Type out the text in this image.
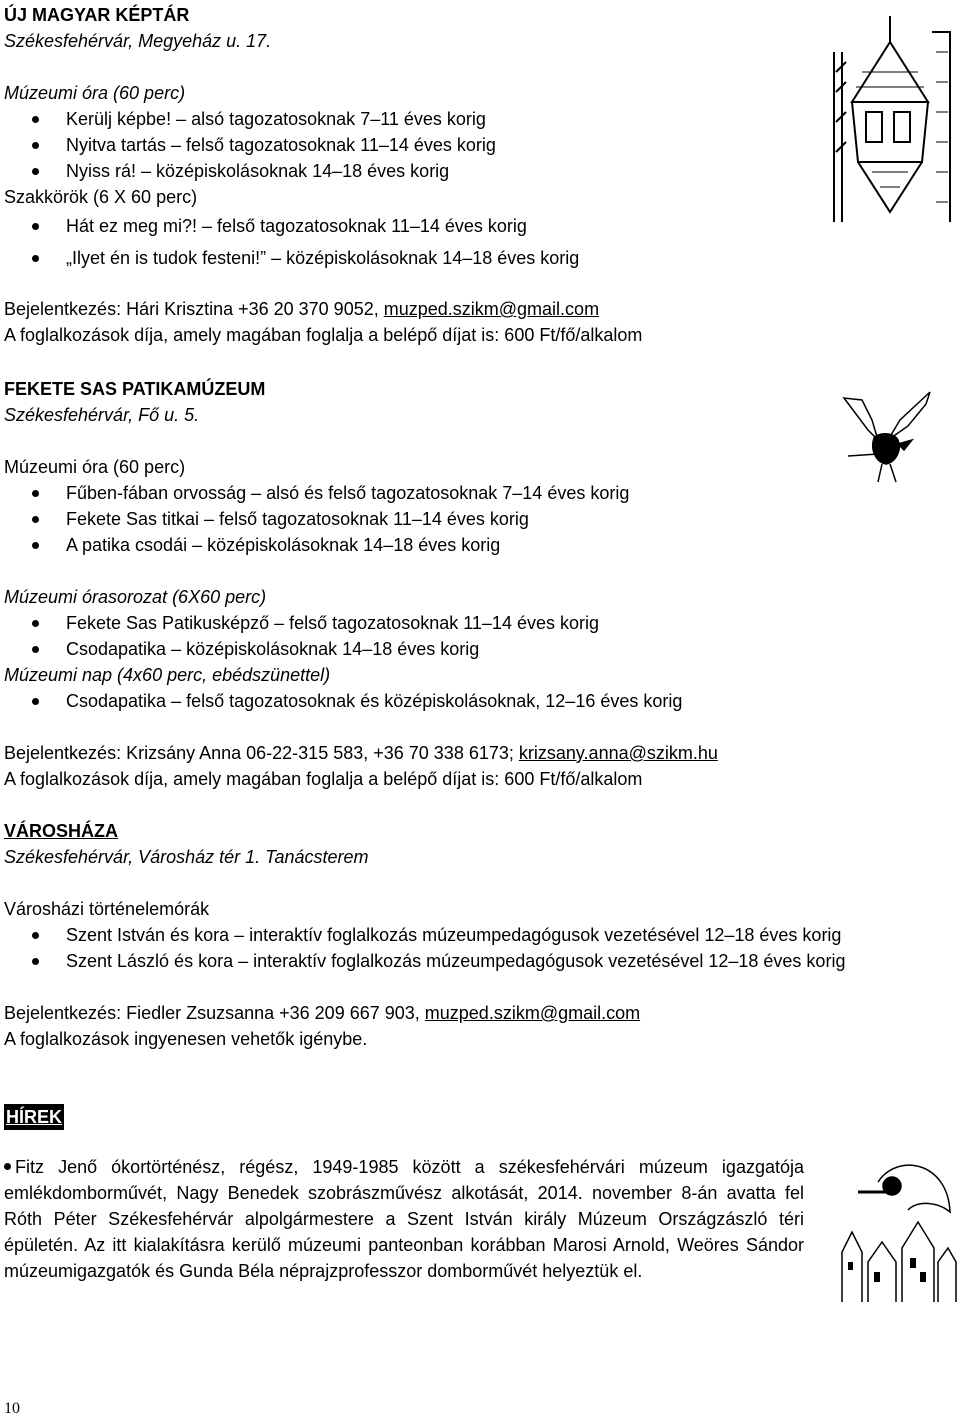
ÚJ MAGYAR KÉPTÁR
Székesfehérvár, Megyeház u. 17.
Múzeumi óra (60 perc)
Kerülj képbe! – alsó tagozatosoknak 7–11 éves korig
Nyitva tartás – felső tagozatosoknak 11–14 éves korig
Nyiss rá! – középiskolásoknak 14–18 éves korig
Szakkörök (6 X 60 perc)
Hát ez meg mi?! – felső tagozatosoknak 11–14 éves korig
„Ilyet én is tudok festeni!” – középiskolásoknak 14–18 éves korig
Bejelentkezés: Hári Krisztina +36 20 370 9052, muzped.szikm@gmail.com
A foglalkozások díja, amely magában foglalja a belépő díjat is: 600 Ft/fő/alkalom
FEKETE SAS PATIKAMÚZEUM
Székesfehérvár, Fő u. 5.
Múzeumi óra (60 perc)
Fűben-fában orvosság – alsó és felső tagozatosoknak 7–14 éves korig
Fekete Sas titkai – felső tagozatosoknak 11–14 éves korig
A patika csodái – középiskolásoknak 14–18 éves korig
Múzeumi órasorozat (6X60 perc)
Fekete Sas Patikusképző – felső tagozatosoknak 11–14 éves korig
Csodapatika – középiskolásoknak 14–18 éves korig
Múzeumi nap (4x60 perc, ebédszünettel)
Csodapatika – felső tagozatosoknak és középiskolásoknak, 12–16 éves korig
Bejelentkezés: Krizsány Anna 06-22-315 583, +36 70 338 6173; krizsany.anna@szikm.hu
A foglalkozások díja, amely magában foglalja a belépő díjat is: 600 Ft/fő/alkalom
VÁROSHÁZA
Székesfehérvár, Városház tér 1. Tanácsterem
Városházi történelemórák
Szent István és kora – interaktív foglalkozás múzeumpedagógusok vezetésével 12–18 éves korig
Szent László és kora – interaktív foglalkozás múzeumpedagógusok vezetésével 12–18 éves korig
Bejelentkezés: Fiedler Zsuzsanna +36 209 667 903, muzped.szikm@gmail.com
A foglalkozások ingyenesen vehetők igénybe.
HÍREK
Fitz Jenő ókortörténész, régész, 1949-1985 között a székesfehérvári múzeum igazgatója emlékdomborművét, Nagy Benedek szobrászművész alkotását, 2014. november 8-án avatta fel Róth Péter Székesfehérvár alpolgármestere a Szent István király Múzeum Országzászló téri épületén. Az itt kialakításra kerülő múzeumi panteonban korábban Marosi Arnold, Weöres Sándor múzeumigazgatók és Gunda Béla néprajzprofesszor domborművét helyeztük el.
10
